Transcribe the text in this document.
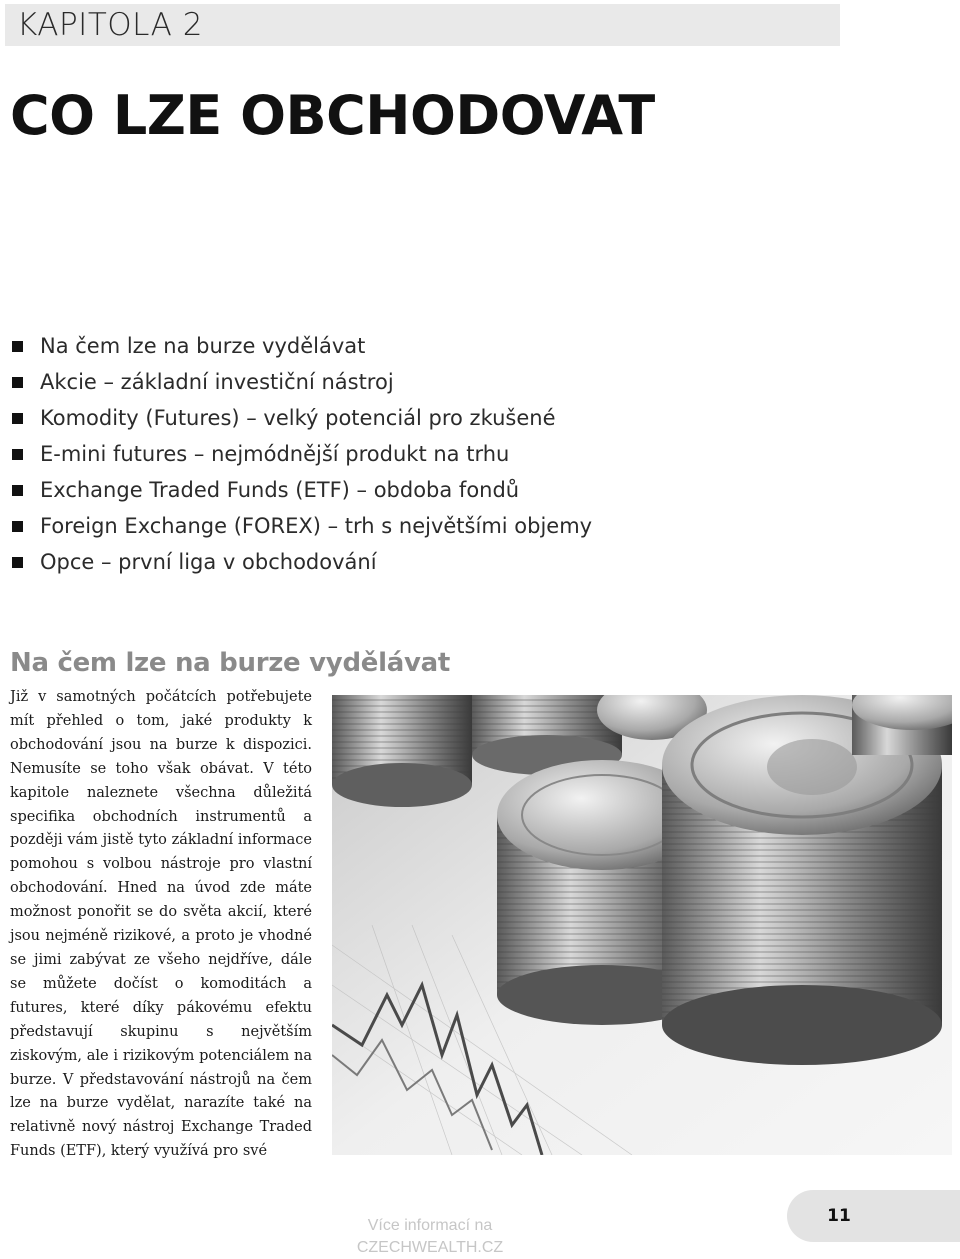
KAPITOLA 2
CO LZE OBCHODOVAT
Na čem lze na burze vydělávat
Akcie – základní investiční nástroj
Komodity (Futures) – velký potenciál pro zkušené
E-mini futures – nejmódnější produkt na trhu
Exchange Traded Funds (ETF) – obdoba fondů
Foreign Exchange (FOREX) – trh s největšími objemy
Opce – první liga v obchodování
Na čem lze na burze vydělávat

Již v samotných počátcích potřebujete mít přehled o tom, jaké produkty k obchodování jsou na burze k dispozici. Nemusíte se toho však obávat. V této kapitole naleznete všechna důležitá specifika obchodních instrumentů a později vám jistě tyto základní informace pomohou s volbou nástroje pro vlastní obchodování. Hned na úvod zde máte možnost ponořit se do světa akcií, které jsou nejméně rizikové, a proto je vhodné se jimi zabývat ze všeho nejdříve, dále se můžete dočíst o komoditách a futures, které díky pákovému efektu představují skupinu s největším ziskovým, ale i rizikovým potenciálem na burze. V představování nástrojů na čem lze na burze vydělat, narazíte také na relativně nový nástroj Exchange Traded Funds (ETF), který využívá pro své

Více informací na
CZECHWEALTH.CZ
11
